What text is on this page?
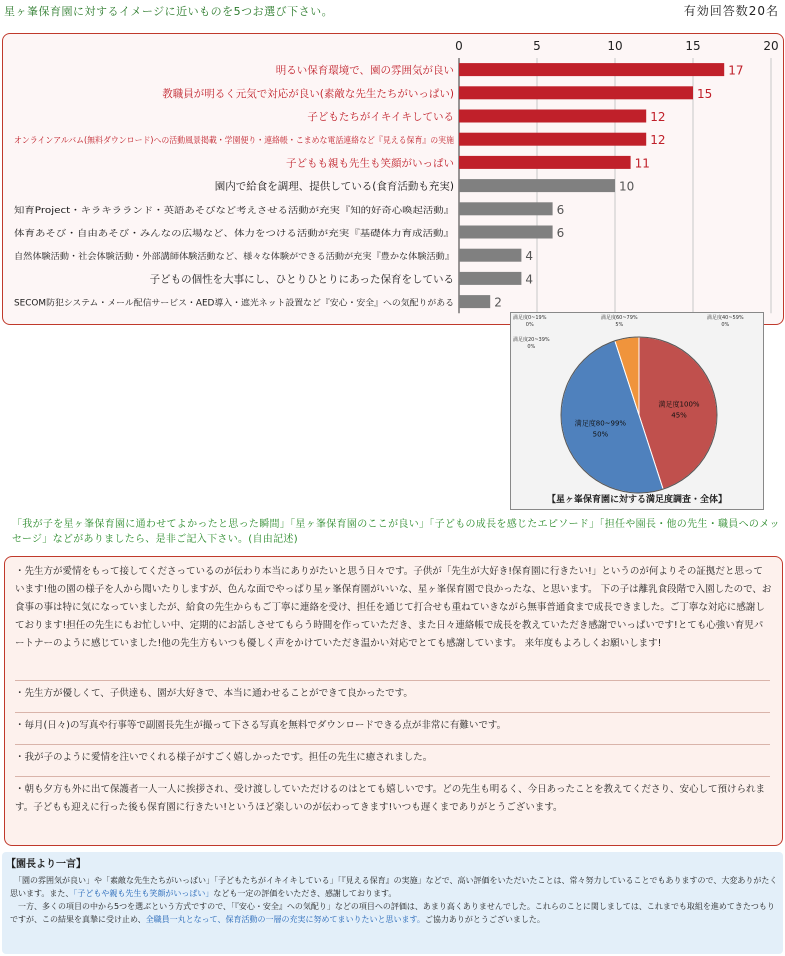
星ヶ峯保育園に対するイメージに近いものを5つお選び下さい。	有効回答数20名
0	5	10	15	20
明るい保育環境で、園の雰囲気が良い	17
教職員が明るく元気で対応が良い(素敵な先生たちがいっぱい)	15
子どもたちがイキイキしている	12
オンラインアルバム(無料ダウンロード)への活動風景掲載・学園便り・連絡帳・こまめな電話連絡など『見える保育』の実施	12
子どもも親も先生も笑顔がいっぱい	11
園内で給食を調理、提供している(食育活動も充実)	10
知育Project・キラキラランド・英語あそびなど考えさせる活動が充実『知的好奇心喚起活動』	6
体育あそび・自由あそび・みんなの広場など、体力をつける活動が充実『基礎体力育成活動』	6
自然体験活動・社会体験活動・外部講師体験活動など、様々な体験ができる活動が充実『豊かな体験活動』	4
子どもの個性を大事にし、ひとりひとりにあった保育をしている	4
SECOM防犯システム・メール配信サービス・AED導入・遮光ネット設置など『安心・安全』への気配りがある	2
満足度100%
45%
満足度80~99%
50%
満足度0~19%
0%
満足度60~79%
5%
満足度40~59%
0%
満足度20~39%
0%
【星ヶ峯保育園に対する満足度調査・全体】
「我が子を星ヶ峯保育園に通わせてよかったと思った瞬間」「星ヶ峯保育園のここが良い」「子どもの成長を感じたエピソード」「担任や園長・他の先生・職員へのメッセージ」などがありましたら、是非ご記入下さい。(自由記述)
・先生方が愛情をもって接してくださっているのが伝わり本当にありがたいと思う日々です。子供が「先生が大好き!保育園に行きたい!」というのが何よりその証拠だと思っています!他の園の様子を人から聞いたりしますが、色んな面でやっぱり星ヶ峯保育園がいいな、星ヶ峯保育園で良かったな、と思います。 下の子は離乳食段階で入園したので、お食事の事は特に気になっていましたが、給食の先生からもご丁寧に連絡を受け、担任を通じて打合せも重ねていきながら無事普通食まで成長できました。ご丁寧な対応に感謝しております!担任の先生にもお忙しい中、定期的にお話しさせてもらう時間を作っていただき、また日々連絡帳で成長を教えていただき感謝でいっぱいです!とても心強い育児パートナーのように感じていました!他の先生方もいつも優しく声をかけていただき温かい対応でとても感謝しています。 来年度もよろしくお願いします!
・先生方が優しくて、子供達も、園が大好きで、本当に通わせることができて良かったです。
・毎月(日々)の写真や行事等で副園長先生が撮って下さる写真を無料でダウンロードできる点が非常に有難いです。
・我が子のように愛情を注いでくれる様子がすごく嬉しかったです。担任の先生に癒されました。
・朝も夕方も外に出て保護者一人一人に挨拶され、受け渡ししていただけるのはとても嬉しいです。どの先生も明るく、今日あったことを教えてくださり、安心して預けられます。子どもも迎えに行った後も保育園に行きたい!というほど楽しいのが伝わってきます!いつも遅くまでありがとうございます。
【園長より一言】
　「園の雰囲気が良い」や「素敵な先生たちがいっぱい」「子どもたちがイキイキしている」「『見える保育』の実施」などで、高い評価をいただいたことは、常々努力していることでもありますので、大変ありがたく思います。また、「子どもや親も先生も笑顔がいっぱい」なども一定の評価をいただき、感謝しております。
　一方、多くの項目の中から5つを選ぶという方式ですので、「『安心・安全』への気配り」などの項目への評価は、あまり高くありませんでした。これらのことに関しましては、これまでも取組を進めてきたつもりですが、この結果を真摯に受け止め、全職員一丸となって、保育活動の一層の充実に努めてまいりたいと思います。ご協力ありがとうございました。
